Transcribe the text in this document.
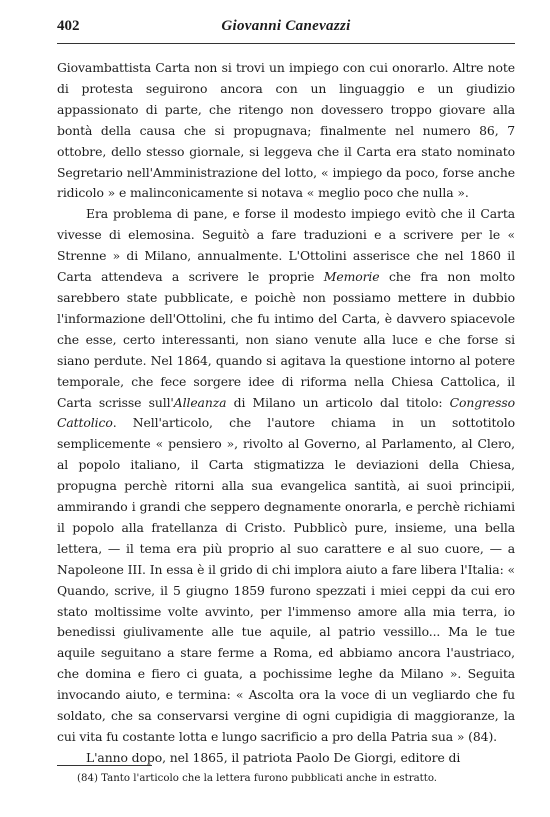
402	Giovanni Canevazzi

Giovambattista Carta non si trovi un impiego con cui onorarlo. Altre note di protesta seguirono ancora con un linguaggio e un giudizio appassionato di parte, che ritengo non dovessero troppo giovare alla bontà della causa che si propugnava; finalmente nel numero 86, 7 ottobre, dello stesso giornale, si leggeva che il Carta era stato nominato Segretario nell'Amministrazione del lotto, « impiego da poco, forse anche ridicolo » e malinconicamente si notava « meglio poco che nulla ».

Era problema di pane, e forse il modesto impiego evitò che il Carta vivesse di elemosina. Seguitò a fare traduzioni e a scrivere per le « Strenne » di Milano, annualmente. L'Ottolini asserisce che nel 1860 il Carta attendeva a scrivere le proprie Memorie che fra non molto sarebbero state pubblicate, e poichè non possiamo mettere in dubbio l'informazione dell'Ottolini, che fu intimo del Carta, è davvero spiacevole che esse, certo interessanti, non siano venute alla luce e che forse si siano perdute. Nel 1864, quando si agitava la questione intorno al potere temporale, che fece sorgere idee di riforma nella Chiesa Cattolica, il Carta scrisse sull'Alleanza di Milano un articolo dal titolo: Congresso Cattolico. Nell'articolo, che l'autore chiama in un sottotitolo semplicemente « pensiero », rivolto al Governo, al Parlamento, al Clero, al popolo italiano, il Carta stigmatizza le deviazioni della Chiesa, propugna perchè ritorni alla sua evangelica santità, ai suoi principii, ammirando i grandi che seppero degnamente onorarla, e perchè richiami il popolo alla fratellanza di Cristo. Pubblicò pure, insieme, una bella lettera, — il tema era più proprio al suo carattere e al suo cuore, — a Napoleone III. In essa è il grido di chi implora aiuto a fare libera l'Italia: « Quando, scrive, il 5 giugno 1859 furono spezzati i miei ceppi da cui ero stato moltissime volte avvinto, per l'immenso amore alla mia terra, io benedissi giulivamente alle tue aquile, al patrio vessillo... Ma le tue aquile seguitano a stare ferme a Roma, ed abbiamo ancora l'austriaco, che domina e fiero ci guata, a pochissime leghe da Milano ». Seguita invocando aiuto, e termina: « Ascolta ora la voce di un vegliardo che fu soldato, che sa conservarsi vergine di ogni cupidigia di maggioranze, la cui vita fu costante lotta e lungo sacrificio a pro della Patria sua » (84).

L'anno dopo, nel 1865, il patriota Paolo De Giorgi, editore di

(84) Tanto l'articolo che la lettera furono pubblicati anche in estratto.
